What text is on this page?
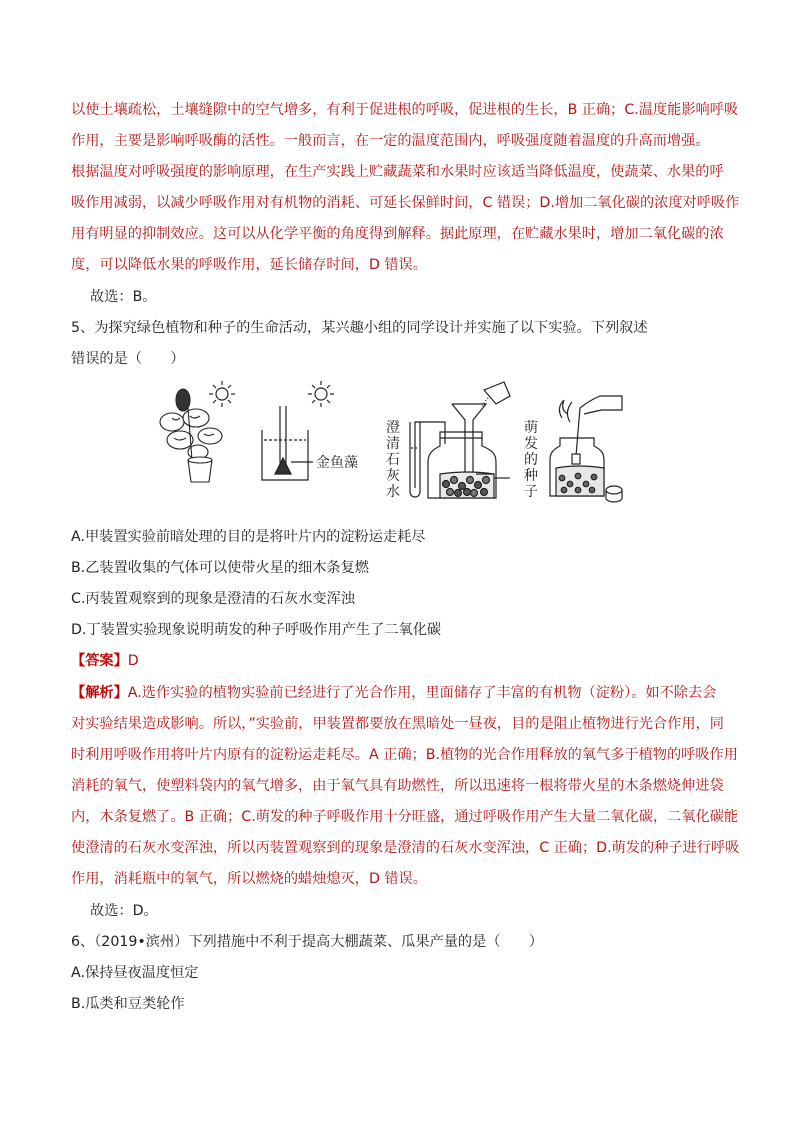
以使土壤疏松，土壤缝隙中的空气增多，有利于促进根的呼吸，促进根的生长，B 正确；C.温度能影响呼吸
作用，主要是影响呼吸酶的活性。一般而言，在一定的温度范围内，呼吸强度随着温度的升高而增强。
根据温度对呼吸强度的影响原理，在生产实践上贮藏蔬菜和水果时应该适当降低温度，使蔬菜、水果的呼
吸作用减弱，以减少呼吸作用对有机物的消耗、可延长保鲜时间，C 错误；D.增加二氧化碳的浓度对呼吸作
用有明显的抑制效应。这可以从化学平衡的角度得到解释。据此原理，在贮藏水果时，增加二氧化碳的浓
度，可以降低水果的呼吸作用，延长储存时间，D 错误。
故选：B。
5、为探究绿色植物和种子的生命活动，某兴趣小组的同学设计并实施了以下实验。下列叙述
错误的是（　　）
金鱼藻
澄
清
石
灰
水
萌
发
的
种
子
A.甲装置实验前暗处理的目的是将叶片内的淀粉运走耗尽
B.乙装置收集的气体可以使带火星的细木条复燃
C.丙装置观察到的现象是澄清的石灰水变浑浊
D.丁装置实验现象说明萌发的种子呼吸作用产生了二氧化碳
【答案】D
【解析】A.选作实验的植物实验前已经进行了光合作用，里面储存了丰富的有机物（淀粉）。如不除去会
对实验结果造成影响。所以，”实验前，甲装置都要放在黑暗处一昼夜，目的是阻止植物进行光合作用，同
时利用呼吸作用将叶片内原有的淀粉运走耗尽。A 正确；B.植物的光合作用释放的氧气多于植物的呼吸作用
消耗的氧气，使塑料袋内的氧气增多，由于氧气具有助燃性，所以迅速将一根将带火星的木条燃烧伸进袋
内，木条复燃了。B 正确；C.萌发的种子呼吸作用十分旺盛，通过呼吸作用产生大量二氧化碳，二氧化碳能
使澄清的石灰水变浑浊，所以丙装置观察到的现象是澄清的石灰水变浑浊，C 正确；D.萌发的种子进行呼吸
作用，消耗瓶中的氧气，所以燃烧的蜡烛熄灭，D 错误。
故选：D。
6、（2019•滨州）下列措施中不利于提高大棚蔬菜、瓜果产量的是（　　）
A.保持昼夜温度恒定
B.瓜类和豆类轮作
